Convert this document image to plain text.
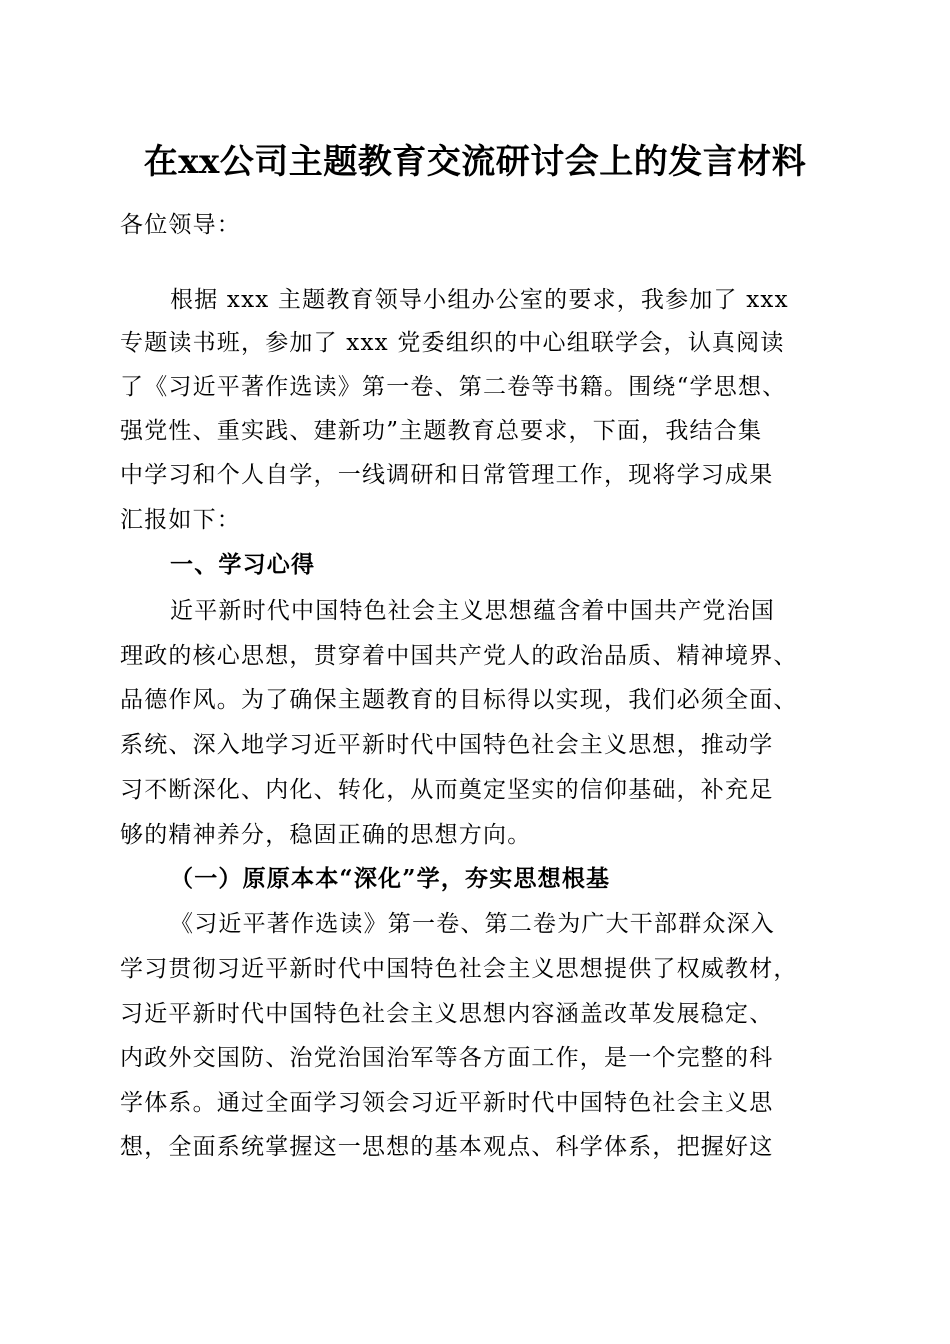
在xx公司主题教育交流研讨会上的发言材料
各位领导：
根据 xxx 主题教育领导小组办公室的要求，我参加了 xxx
专题读书班，参加了 xxx 党委组织的中心组联学会，认真阅读
了《习近平著作选读》第一卷、第二卷等书籍。围绕“学思想、
强党性、重实践、建新功”主题教育总要求，下面，我结合集
中学习和个人自学，一线调研和日常管理工作，现将学习成果
汇报如下：
一、学习心得
近平新时代中国特色社会主义思想蕴含着中国共产党治国
理政的核心思想，贯穿着中国共产党人的政治品质、精神境界、
品德作风。为了确保主题教育的目标得以实现，我们必须全面、
系统、深入地学习近平新时代中国特色社会主义思想，推动学
习不断深化、内化、转化，从而奠定坚实的信仰基础，补充足
够的精神养分，稳固正确的思想方向。
（一）原原本本“深化”学，夯实思想根基
《习近平著作选读》第一卷、第二卷为广大干部群众深入
学习贯彻习近平新时代中国特色社会主义思想提供了权威教材，
习近平新时代中国特色社会主义思想内容涵盖改革发展稳定、
内政外交国防、治党治国治军等各方面工作，是一个完整的科
学体系。通过全面学习领会习近平新时代中国特色社会主义思
想，全面系统掌握这一思想的基本观点、科学体系，把握好这
